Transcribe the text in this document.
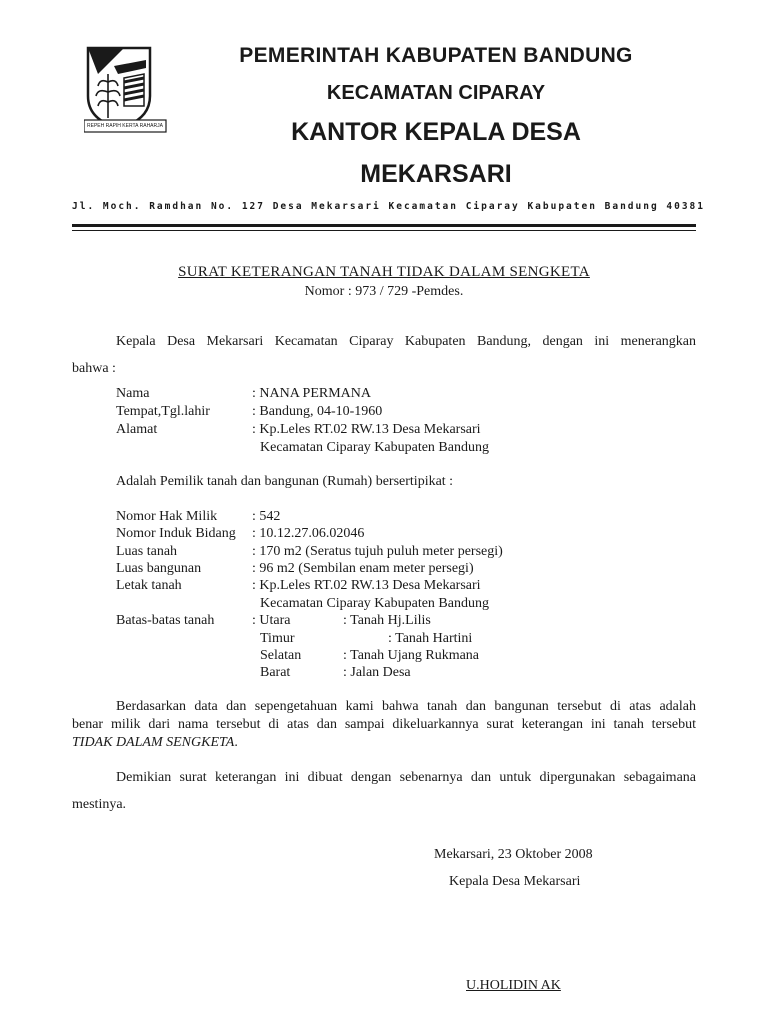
REPEH RAPIH KERTA RAHARJA
PEMERINTAH KABUPATEN BANDUNG
KECAMATAN CIPARAY
KANTOR KEPALA DESA
MEKARSARI
Jl. Moch. Ramdhan No. 127 Desa Mekarsari Kecamatan Ciparay Kabupaten Bandung 40381
SURAT KETERANGAN TANAH TIDAK DALAM SENGKETA
Nomor : 973 / 729 -Pemdes.
Kepala Desa Mekarsari Kecamatan Ciparay Kabupaten Bandung, dengan ini menerangkan
bahwa :
Nama	: NANA PERMANA
Tempat,Tgl.lahir	: Bandung, 04-10-1960
Alamat	: Kp.Leles RT.02 RW.13 Desa Mekarsari
Kecamatan Ciparay Kabupaten Bandung
Adalah Pemilik tanah dan bangunan (Rumah) bersertipikat :
Nomor Hak Milik : 542
Nomor Induk Bidang : 10.12.27.06.02046
Luas tanah	: 170 m2 (Seratus tujuh puluh meter persegi)
Luas bangunan	: 96 m2 (Sembilan enam meter persegi)
Letak tanah	: Kp.Leles RT.02 RW.13 Desa Mekarsari
Kecamatan Ciparay Kabupaten Bandung
Batas-batas tanah	: Utara	: Tanah Hj.Lilis
Timur	: Tanah Hartini
Selatan	: Tanah Ujang Rukmana
Barat	: Jalan Desa
Berdasarkan data dan sepengetahuan kami bahwa tanah dan bangunan tersebut di atas adalah
benar milik dari nama tersebut di atas dan sampai dikeluarkannya surat keterangan ini tanah tersebut
TIDAK DALAM SENGKETA.
Demikian surat keterangan ini dibuat dengan sebenarnya dan untuk dipergunakan sebagaimana
mestinya.
Mekarsari, 23 Oktober 2008
Kepala Desa Mekarsari
U.HOLIDIN AK
